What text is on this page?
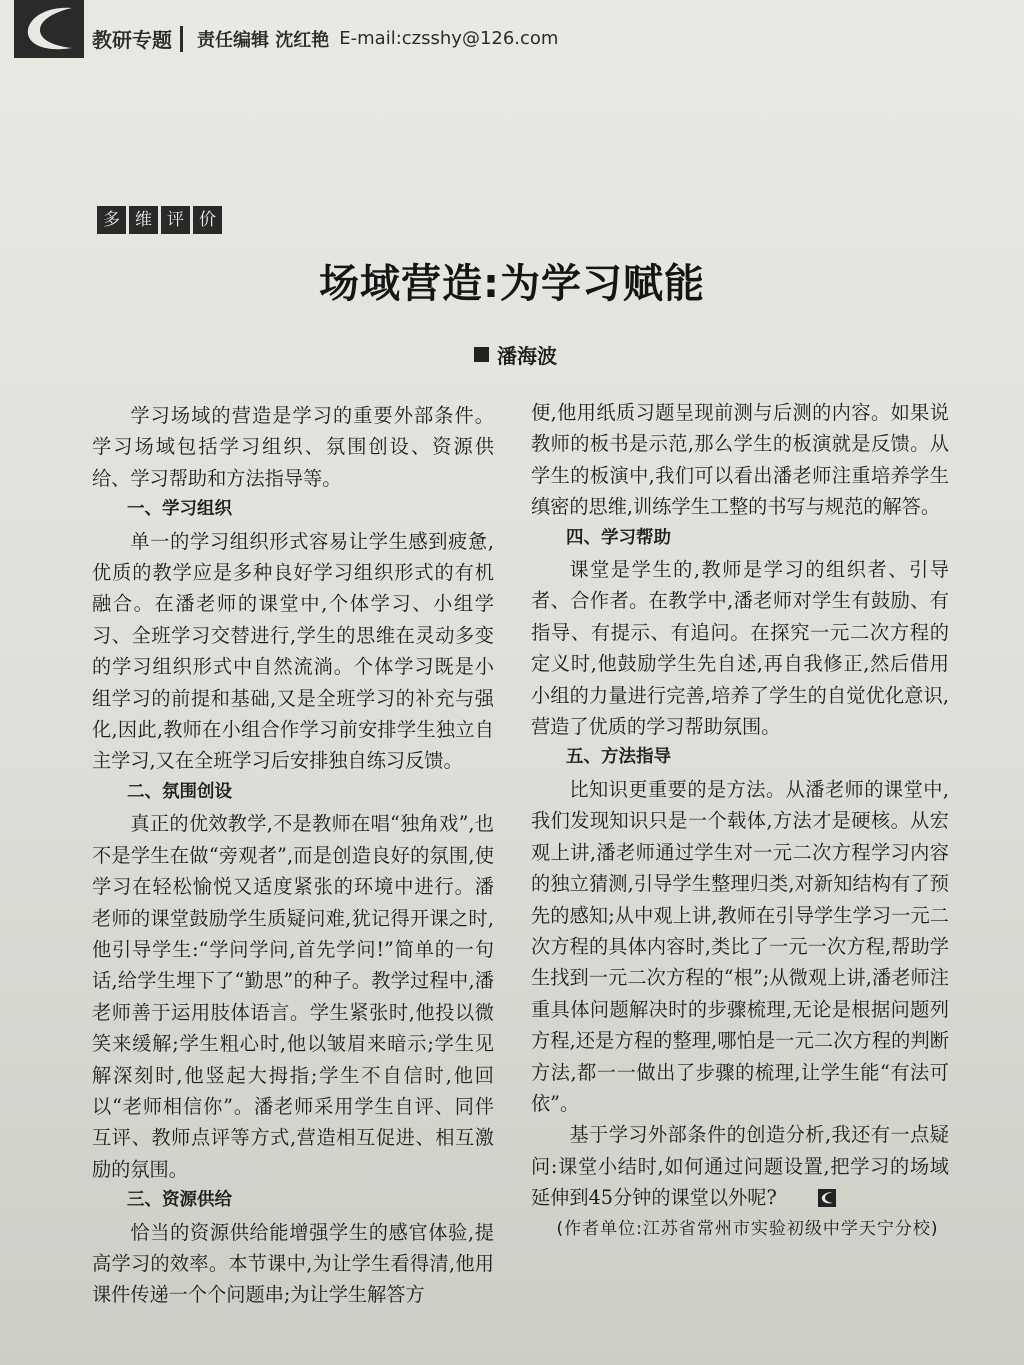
教研专题 责任编辑 沈红艳 E-mail:czsshy@126.com
多 维 评 价
场域营造:为学习赋能
潘海波

学习场域的营造是学习的重要外部条件。学习场域包括学习组织、氛围创设、资源供给、学习帮助和方法指导等。

一、学习组织

单一的学习组织形式容易让学生感到疲惫,优质的教学应是多种良好学习组织形式的有机融合。在潘老师的课堂中,个体学习、小组学习、全班学习交替进行,学生的思维在灵动多变的学习组织形式中自然流淌。个体学习既是小组学习的前提和基础,又是全班学习的补充与强化,因此,教师在小组合作学习前安排学生独立自主学习,又在全班学习后安排独自练习反馈。

二、氛围创设

真正的优效教学,不是教师在唱“独角戏”,也不是学生在做“旁观者”,而是创造良好的氛围,使学习在轻松愉悦又适度紧张的环境中进行。潘老师的课堂鼓励学生质疑问难,犹记得开课之时,他引导学生:“学问学问,首先学问!”简单的一句话,给学生埋下了“勤思”的种子。教学过程中,潘老师善于运用肢体语言。学生紧张时,他投以微笑来缓解;学生粗心时,他以皱眉来暗示;学生见解深刻时,他竖起大拇指;学生不自信时,他回以“老师相信你”。潘老师采用学生自评、同伴互评、教师点评等方式,营造相互促进、相互激励的氛围。

三、资源供给

恰当的资源供给能增强学生的感官体验,提高学习的效率。本节课中,为让学生看得清,他用课件传递一个个问题串;为让学生解答方

便,他用纸质习题呈现前测与后测的内容。如果说教师的板书是示范,那么学生的板演就是反馈。从学生的板演中,我们可以看出潘老师注重培养学生缜密的思维,训练学生工整的书写与规范的解答。

四、学习帮助

课堂是学生的,教师是学习的组织者、引导者、合作者。在教学中,潘老师对学生有鼓励、有指导、有提示、有追问。在探究一元二次方程的定义时,他鼓励学生先自述,再自我修正,然后借用小组的力量进行完善,培养了学生的自觉优化意识,营造了优质的学习帮助氛围。

五、方法指导

比知识更重要的是方法。从潘老师的课堂中,我们发现知识只是一个载体,方法才是硬核。从宏观上讲,潘老师通过学生对一元二次方程学习内容的独立猜测,引导学生整理归类,对新知结构有了预先的感知;从中观上讲,教师在引导学生学习一元二次方程的具体内容时,类比了一元一次方程,帮助学生找到一元二次方程的“根”;从微观上讲,潘老师注重具体问题解决时的步骤梳理,无论是根据问题列方程,还是方程的整理,哪怕是一元二次方程的判断方法,都一一做出了步骤的梳理,让学生能“有法可依”。

基于学习外部条件的创造分析,我还有一点疑问:课堂小结时,如何通过问题设置,把学习的场域延伸到45分钟的课堂以外呢?

(作者单位:江苏省常州市实验初级中学天宁分校)
